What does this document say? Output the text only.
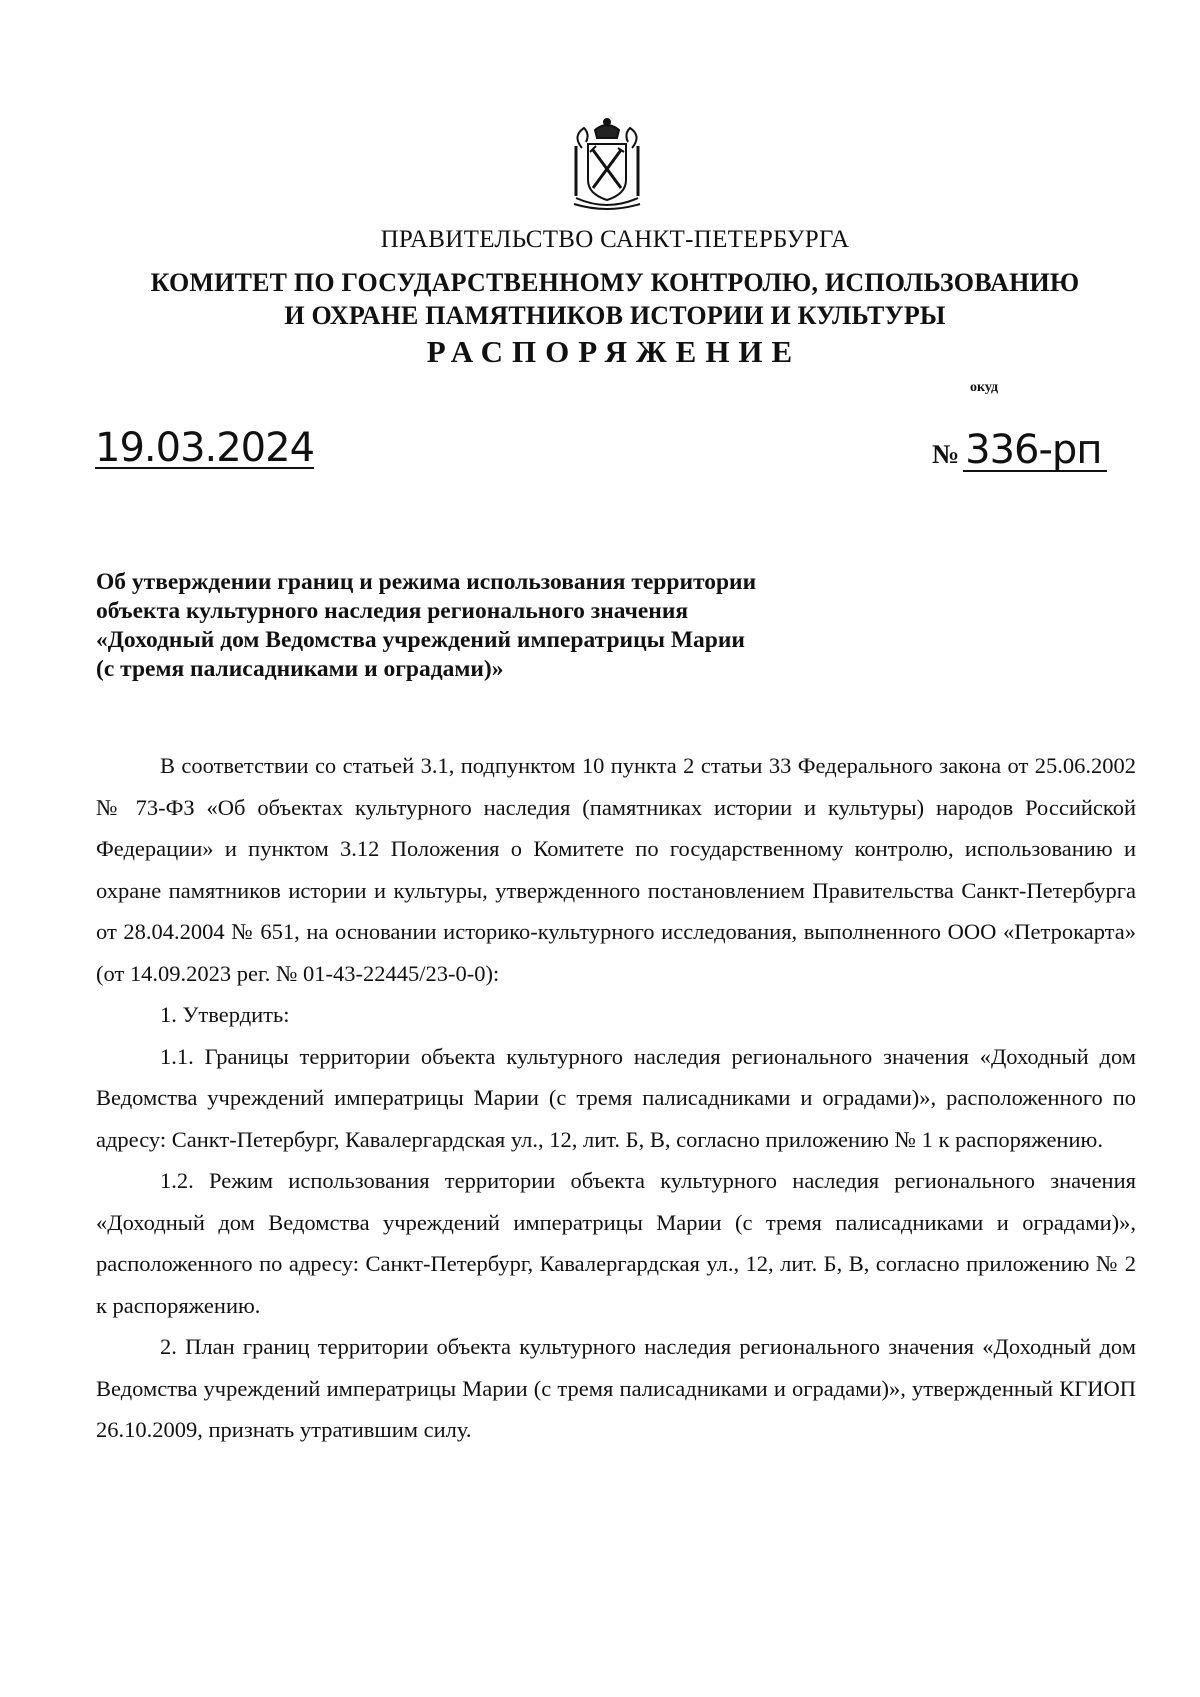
ПРАВИТЕЛЬСТВО САНКТ-ПЕТЕРБУРГА
КОМИТЕТ ПО ГОСУДАРСТВЕННОМУ КОНТРОЛЮ, ИСПОЛЬЗОВАНИЮ
И ОХРАНЕ ПАМЯТНИКОВ ИСТОРИИ И КУЛЬТУРЫ
РАСПОРЯЖЕНИЕ
окуд
19.03.2024	№ 336-рп
Об утверждении границ и режима использования территории
объекта культурного наследия регионального значения
«Доходный дом Ведомства учреждений императрицы Марии
(с тремя палисадниками и оградами)»

В соответствии со статьей 3.1, подпунктом 10 пункта 2 статьи 33 Федерального закона от 25.06.2002 № 73-ФЗ «Об объектах культурного наследия (памятниках истории и культуры) народов Российской Федерации» и пунктом 3.12 Положения о Комитете по государственному контролю, использованию и охране памятников истории и культуры, утвержденного постановлением Правительства Санкт-Петербурга от 28.04.2004 № 651, на основании историко-культурного исследования, выполненного ООО «Петрокарта» (от 14.09.2023 рег. № 01-43-22445/23-0-0):

1. Утвердить:

1.1. Границы территории объекта культурного наследия регионального значения «Доходный дом Ведомства учреждений императрицы Марии (с тремя палисадниками и оградами)», расположенного по адресу: Санкт-Петербург, Кавалергардская ул., 12, лит. Б, В, согласно приложению № 1 к распоряжению.

1.2. Режим использования территории объекта культурного наследия регионального значения «Доходный дом Ведомства учреждений императрицы Марии (с тремя палисадниками и оградами)», расположенного по адресу: Санкт-Петербург, Кавалергардская ул., 12, лит. Б, В, согласно приложению № 2 к распоряжению.

2. План границ территории объекта культурного наследия регионального значения «Доходный дом Ведомства учреждений императрицы Марии (с тремя палисадниками и оградами)», утвержденный КГИОП 26.10.2009, признать утратившим силу.
